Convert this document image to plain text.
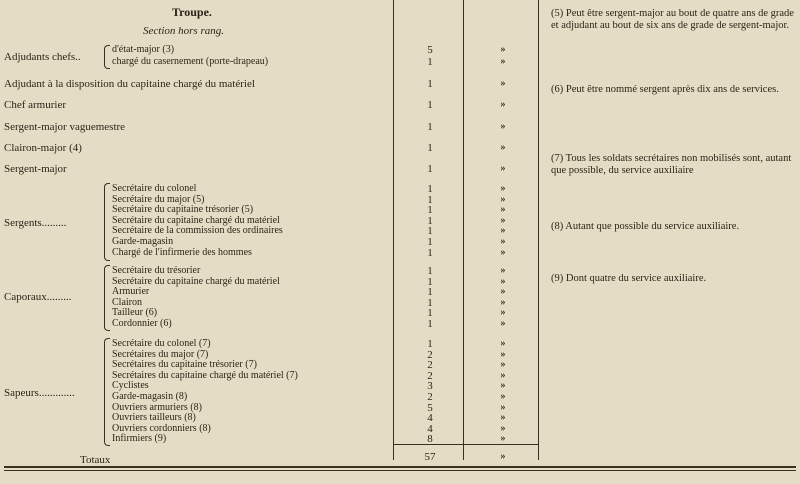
Troupe.
Section hors rang.
Adjudants chefs..
d'état-major (3)	5	»
chargé du casernement (porte-drapeau)	1	»
Adjudant à la disposition du capitaine chargé du matériel	1	»
Chef armurier	1	»
Sergent-major vaguemestre	1	»
Clairon-major (4)	1	»
Sergent-major	1	»
Sergents.........
Secrétaire du colonel	1	»
Secrétaire du major (5)	1	»
Secrétaire du capitaine trésorier (5)	1	»
Secrétaire du capitaine chargé du matériel	1	»
Secrétaire de la commission des ordinaires	1	»
Garde-magasin	1	»
Chargé de l'infirmerie des hommes	1	»
Caporaux.........
Secrétaire du trésorier	1	»
Secrétaire du capitaine chargé du matériel	1	»
Armurier	1	»
Clairon	1	»
Tailleur (6)	1	»
Cordonnier (6)	1	»
Sapeurs.............
Secrétaire du colonel (7)	1	»
Secrétaires du major (7)	2	»
Secrétaires du capitaine trésorier (7)	2	»
Secrétaires du capitaine chargé du matériel (7)	2	»
Cyclistes	3	»
Garde-magasin (8)	2	»
Ouvriers armuriers (8)	5	»
Ouvriers tailleurs (8)	4	»
Ouvriers cordonniers (8)	4	»
Infirmiers (9)	8	»
Totaux	57	»
(5) Peut être sergent-major au bout de quatre ans de grade et adjudant au bout de six ans de grade de sergent-major.
(6) Peut être nommé sergent après dix ans de services.
(7) Tous les soldats secrétaires non mobilisés sont, autant que possible, du service auxiliaire
(8) Autant que possible du service auxiliaire.
(9) Dont quatre du service auxiliaire.
